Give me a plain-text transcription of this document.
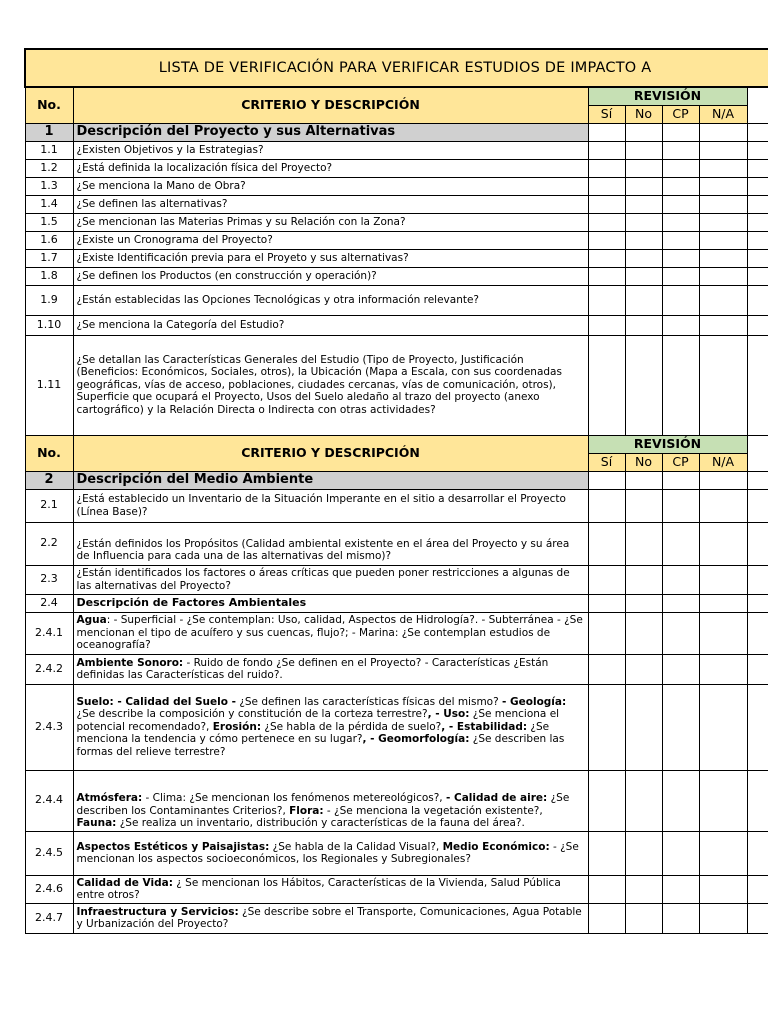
LISTA DE VERIFICACIÓN PARA VERIFICAR ESTUDIOS DE IMPACTO A						
No.	CRITERIO Y DESCRIPCIÓN	REVISIÓN				
		Sí	No	CP	N/A	
1	Descripción del Proyecto y sus Alternativas					
1.1	¿Existen Objetivos y la Estrategias?					
1.2	¿Está definida la localización física del Proyecto?					
1.3	¿Se menciona la Mano de Obra?					
1.4	¿Se definen las alternativas?					
1.5	¿Se mencionan las Materias Primas y su Relación con la Zona?					
1.6	¿Existe un Cronograma del Proyecto?					
1.7	¿Existe Identificación previa para el Proyeto y sus alternativas?					
1.8	¿Se definen los Productos (en construcción y operación)?					
1.9	¿Están establecidas las Opciones Tecnológicas y otra información relevante?					
1.10	¿Se menciona la Categoría del Estudio?					
1.11	¿Se detallan las Características Generales del Estudio (Tipo de Proyecto, Justificación (Beneficios: Económicos, Sociales, otros), la Ubicación (Mapa a Escala, con sus coordenadas geográficas, vías de acceso, poblaciones, ciudades cercanas, vías de comunicación, otros), Superficie que ocupará el Proyecto, Usos del Suelo aledaño al trazo del proyecto (anexo cartográfico) y la Relación Directa o Indirecta con otras actividades?					
No.	CRITERIO Y DESCRIPCIÓN	REVISIÓN				
		Sí	No	CP	N/A	
2	Descripción del Medio Ambiente					
2.1	¿Está establecido un Inventario de la Situación Imperante en el sitio a desarrollar el Proyecto (Línea Base)?					
2.2	¿Están definidos los Propósitos (Calidad ambiental existente en el área del Proyecto y su área de Influencia para cada una de las alternativas del mismo)?					
2.3	¿Están identificados los factores o áreas críticas que pueden poner restricciones a algunas de las alternativas del Proyecto?					
2.4	Descripción de Factores Ambientales					
2.4.1	Agua: - Superficial - ¿Se contemplan: Uso, calidad, Aspectos de Hidrología?. - Subterránea - ¿Se mencionan el tipo de acuífero y sus cuencas, flujo?; - Marina: ¿Se contemplan estudios de oceanografía?					
2.4.2	Ambiente Sonoro: - Ruido de fondo ¿Se definen en el Proyecto? - Características ¿Están definidas las Características del ruido?.					
2.4.3	Suelo: - Calidad del Suelo - ¿Se definen las características físicas del mismo? - Geología: ¿Se describe la composición y constitución de la corteza terrestre?, - Uso: ¿Se menciona el potencial recomendado?, Erosión: ¿Se habla de la pérdida de suelo?, - Estabilidad: ¿Se menciona la tendencia y cómo pertenece en su lugar?, - Geomorfología: ¿Se describen las formas del relieve terrestre?					
2.4.4	Atmósfera: - Clima: ¿Se mencionan los fenómenos metereológicos?, - Calidad de aire: ¿Se describen los Contaminantes Criterios?, Flora: - ¿Se menciona la vegetación existente?, Fauna: ¿Se realiza un inventario, distribución y características de la fauna del área?.					
2.4.5	Aspectos Estéticos y Paisajistas: ¿Se habla de la Calidad Visual?, Medio Económico: - ¿Se mencionan los aspectos socioeconómicos, los Regionales y Subregionales?					
2.4.6	Calidad de Vida: ¿ Se mencionan los Hábitos, Características de la Vivienda, Salud Pública entre otros?					
2.4.7	Infraestructura y Servicios: ¿Se describe sobre el Transporte, Comunicaciones, Agua Potable y Urbanización del Proyecto?					
